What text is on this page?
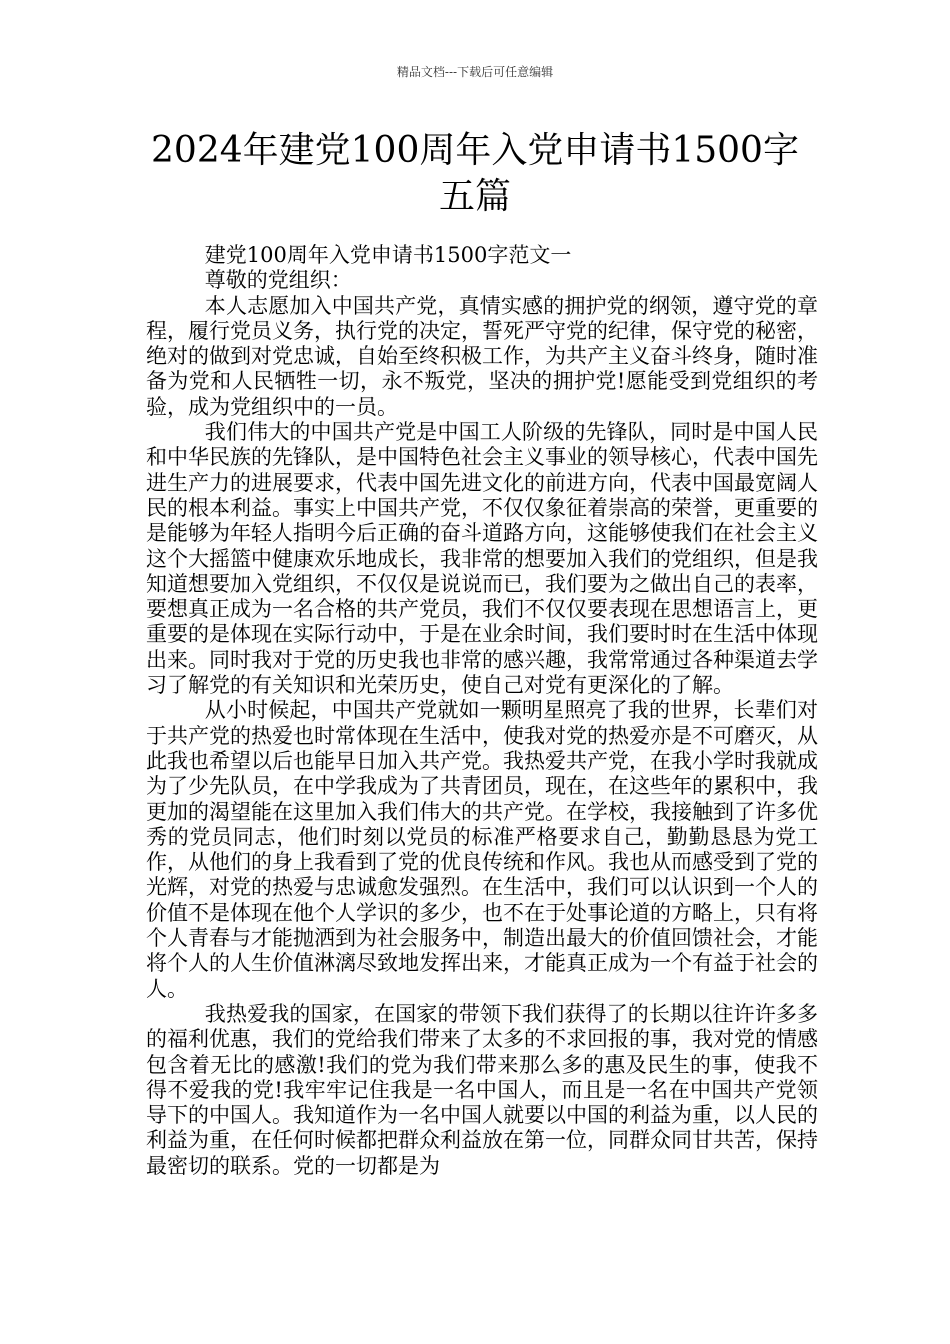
精品文档---下载后可任意编辑
2024年建党100周年入党申请书1500字五篇

建党100周年入党申请书1500字范文一

尊敬的党组织：

本人志愿加入中国共产党，真情实感的拥护党的纲领，遵守党的章程，履行党员义务，执行党的决定，誓死严守党的纪律，保守党的秘密，绝对的做到对党忠诚，自始至终积极工作，为共产主义奋斗终身，随时准备为党和人民牺牲一切，永不叛党，坚决的拥护党!愿能受到党组织的考验，成为党组织中的一员。

我们伟大的中国共产党是中国工人阶级的先锋队，同时是中国人民和中华民族的先锋队，是中国特色社会主义事业的领导核心，代表中国先进生产力的进展要求，代表中国先进文化的前进方向，代表中国最宽阔人民的根本利益。事实上中国共产党，不仅仅象征着崇高的荣誉，更重要的是能够为年轻人指明今后正确的奋斗道路方向，这能够使我们在社会主义这个大摇篮中健康欢乐地成长，我非常的想要加入我们的党组织，但是我知道想要加入党组织，不仅仅是说说而已，我们要为之做出自己的表率，要想真正成为一名合格的共产党员，我们不仅仅要表现在思想语言上，更重要的是体现在实际行动中，于是在业余时间，我们要时时在生活中体现出来。同时我对于党的历史我也非常的感兴趣，我常常通过各种渠道去学习了解党的有关知识和光荣历史，使自己对党有更深化的了解。

从小时候起，中国共产党就如一颗明星照亮了我的世界，长辈们对于共产党的热爱也时常体现在生活中，使我对党的热爱亦是不可磨灭，从此我也希望以后也能早日加入共产党。我热爱共产党，在我小学时我就成为了少先队员，在中学我成为了共青团员，现在，在这些年的累积中，我更加的渴望能在这里加入我们伟大的共产党。在学校，我接触到了许多优秀的党员同志，他们时刻以党员的标准严格要求自己，勤勤恳恳为党工作，从他们的身上我看到了党的优良传统和作风。我也从而感受到了党的光辉，对党的热爱与忠诚愈发强烈。在生活中，我们可以认识到一个人的价值不是体现在他个人学识的多少，也不在于处事论道的方略上，只有将个人青春与才能抛洒到为社会服务中，制造出最大的价值回馈社会，才能将个人的人生价值淋漓尽致地发挥出来，才能真正成为一个有益于社会的人。

我热爱我的国家，在国家的带领下我们获得了的长期以往许许多多的福利优惠，我们的党给我们带来了太多的不求回报的事，我对党的情感包含着无比的感激!我们的党为我们带来那么多的惠及民生的事，使我不得不爱我的党!我牢牢记住我是一名中国人，而且是一名在中国共产党领导下的中国人。我知道作为一名中国人就要以中国的利益为重，以人民的利益为重，在任何时候都把群众利益放在第一位，同群众同甘共苦，保持最密切的联系。党的一切都是为
